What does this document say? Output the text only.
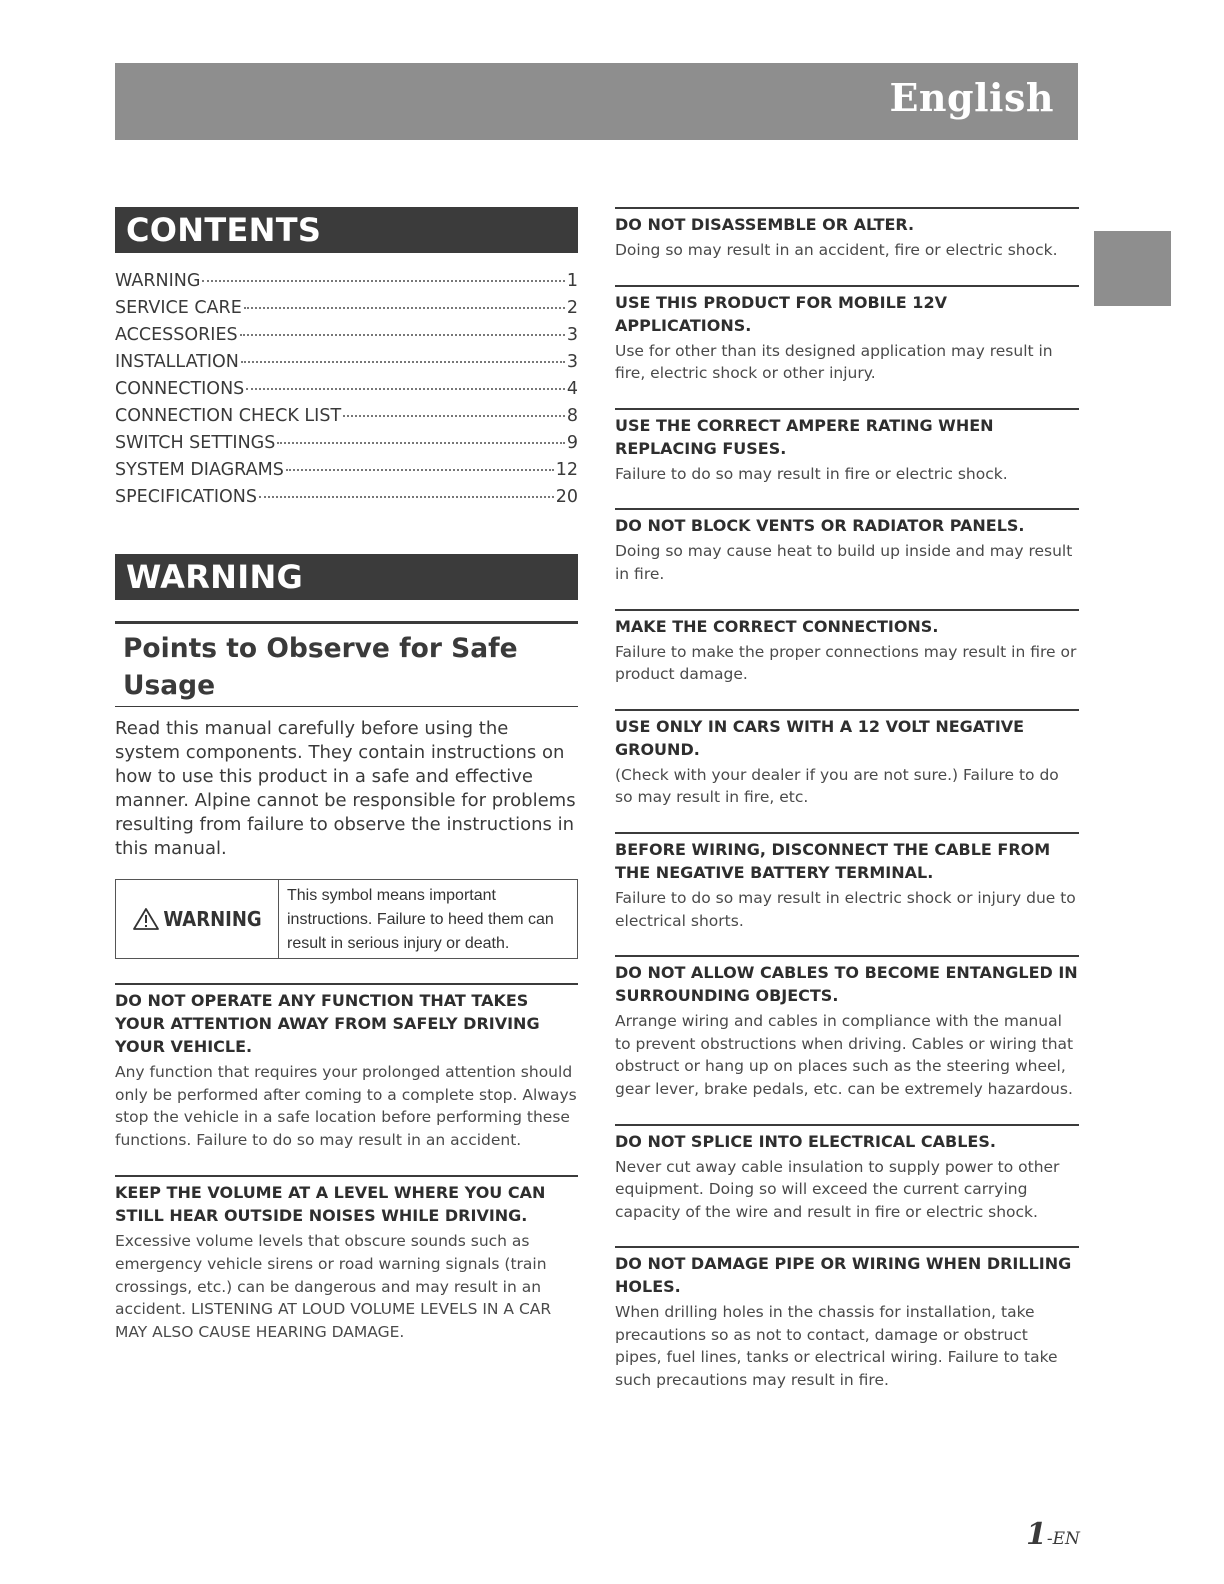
English
CONTENTS
WARNING	1
SERVICE CARE	2
ACCESSORIES	3
INSTALLATION	3
CONNECTIONS	4
CONNECTION CHECK LIST	8
SWITCH SETTINGS	9
SYSTEM DIAGRAMS	12
SPECIFICATIONS	20
WARNING
Points to Observe for Safe Usage
Read this manual carefully before using the system components. They contain instructions on how to use this product in a safe and effective manner. Alpine cannot be responsible for problems resulting from failure to observe the instructions in this manual.
WARNING
This symbol means important instructions. Failure to heed them can result in serious injury or death.
DO NOT OPERATE ANY FUNCTION THAT TAKES YOUR ATTENTION AWAY FROM SAFELY DRIVING YOUR VEHICLE.
Any function that requires your prolonged attention should only be performed after coming to a complete stop. Always stop the vehicle in a safe location before performing these functions. Failure to do so may result in an accident.
KEEP THE VOLUME AT A LEVEL WHERE YOU CAN STILL HEAR OUTSIDE NOISES WHILE DRIVING.
Excessive volume levels that obscure sounds such as emergency vehicle sirens or road warning signals (train crossings, etc.) can be dangerous and may result in an accident. LISTENING AT LOUD VOLUME LEVELS IN A CAR MAY ALSO CAUSE HEARING DAMAGE.
DO NOT DISASSEMBLE OR ALTER.
Doing so may result in an accident, fire or electric shock.
USE THIS PRODUCT FOR MOBILE 12V APPLICATIONS.
Use for other than its designed application may result in fire, electric shock or other injury.
USE THE CORRECT AMPERE RATING WHEN REPLACING FUSES.
Failure to do so may result in fire or electric shock.
DO NOT BLOCK VENTS OR RADIATOR PANELS.
Doing so may cause heat to build up inside and may result in fire.
MAKE THE CORRECT CONNECTIONS.
Failure to make the proper connections may result in fire or product damage.
USE ONLY IN CARS WITH A 12 VOLT NEGATIVE GROUND.
(Check with your dealer if you are not sure.) Failure to do so may result in fire, etc.
BEFORE WIRING, DISCONNECT THE CABLE FROM THE NEGATIVE BATTERY TERMINAL.
Failure to do so may result in electric shock or injury due to electrical shorts.
DO NOT ALLOW CABLES TO BECOME ENTANGLED IN SURROUNDING OBJECTS.
Arrange wiring and cables in compliance with the manual to prevent obstructions when driving. Cables or wiring that obstruct or hang up on places such as the steering wheel, gear lever, brake pedals, etc. can be extremely hazardous.
DO NOT SPLICE INTO ELECTRICAL CABLES.
Never cut away cable insulation to supply power to other equipment. Doing so will exceed the current carrying capacity of the wire and result in fire or electric shock.
DO NOT DAMAGE PIPE OR WIRING WHEN DRILLING HOLES.
When drilling holes in the chassis for installation, take precautions so as not to contact, damage or obstruct pipes, fuel lines, tanks or electrical wiring. Failure to take such precautions may result in fire.
1-EN
